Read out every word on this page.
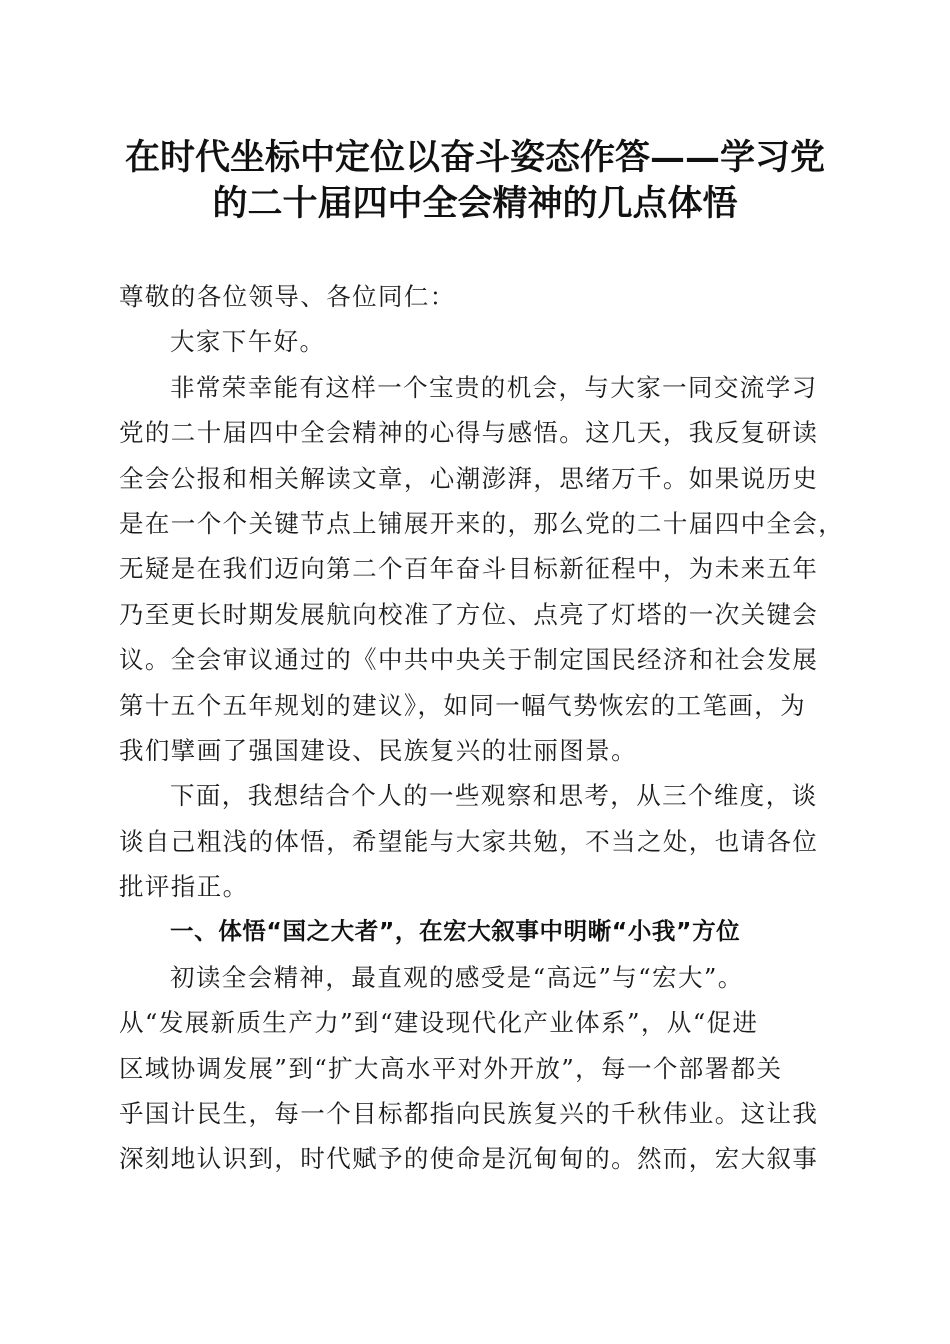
在时代坐标中定位以奋斗姿态作答——学习党
的二十届四中全会精神的几点体悟
尊敬的各位领导、各位同仁：
大家下午好。
非常荣幸能有这样一个宝贵的机会，与大家一同交流学习
党的二十届四中全会精神的心得与感悟。这几天，我反复研读
全会公报和相关解读文章，心潮澎湃，思绪万千。如果说历史
是在一个个关键节点上铺展开来的，那么党的二十届四中全会，
无疑是在我们迈向第二个百年奋斗目标新征程中，为未来五年
乃至更长时期发展航向校准了方位、点亮了灯塔的一次关键会
议。全会审议通过的《中共中央关于制定国民经济和社会发展
第十五个五年规划的建议》，如同一幅气势恢宏的工笔画，为
我们擘画了强国建设、民族复兴的壮丽图景。
下面，我想结合个人的一些观察和思考，从三个维度，谈
谈自己粗浅的体悟，希望能与大家共勉，不当之处，也请各位
批评指正。
一、体悟“国之大者”，在宏大叙事中明晰“小我”方位
初读全会精神，最直观的感受是“高远”与“宏大”。
从“发展新质生产力”到“建设现代化产业体系”，从“促进
区域协调发展”到“扩大高水平对外开放”，每一个部署都关
乎国计民生，每一个目标都指向民族复兴的千秋伟业。这让我
深刻地认识到，时代赋予的使命是沉甸甸的。然而，宏大叙事
